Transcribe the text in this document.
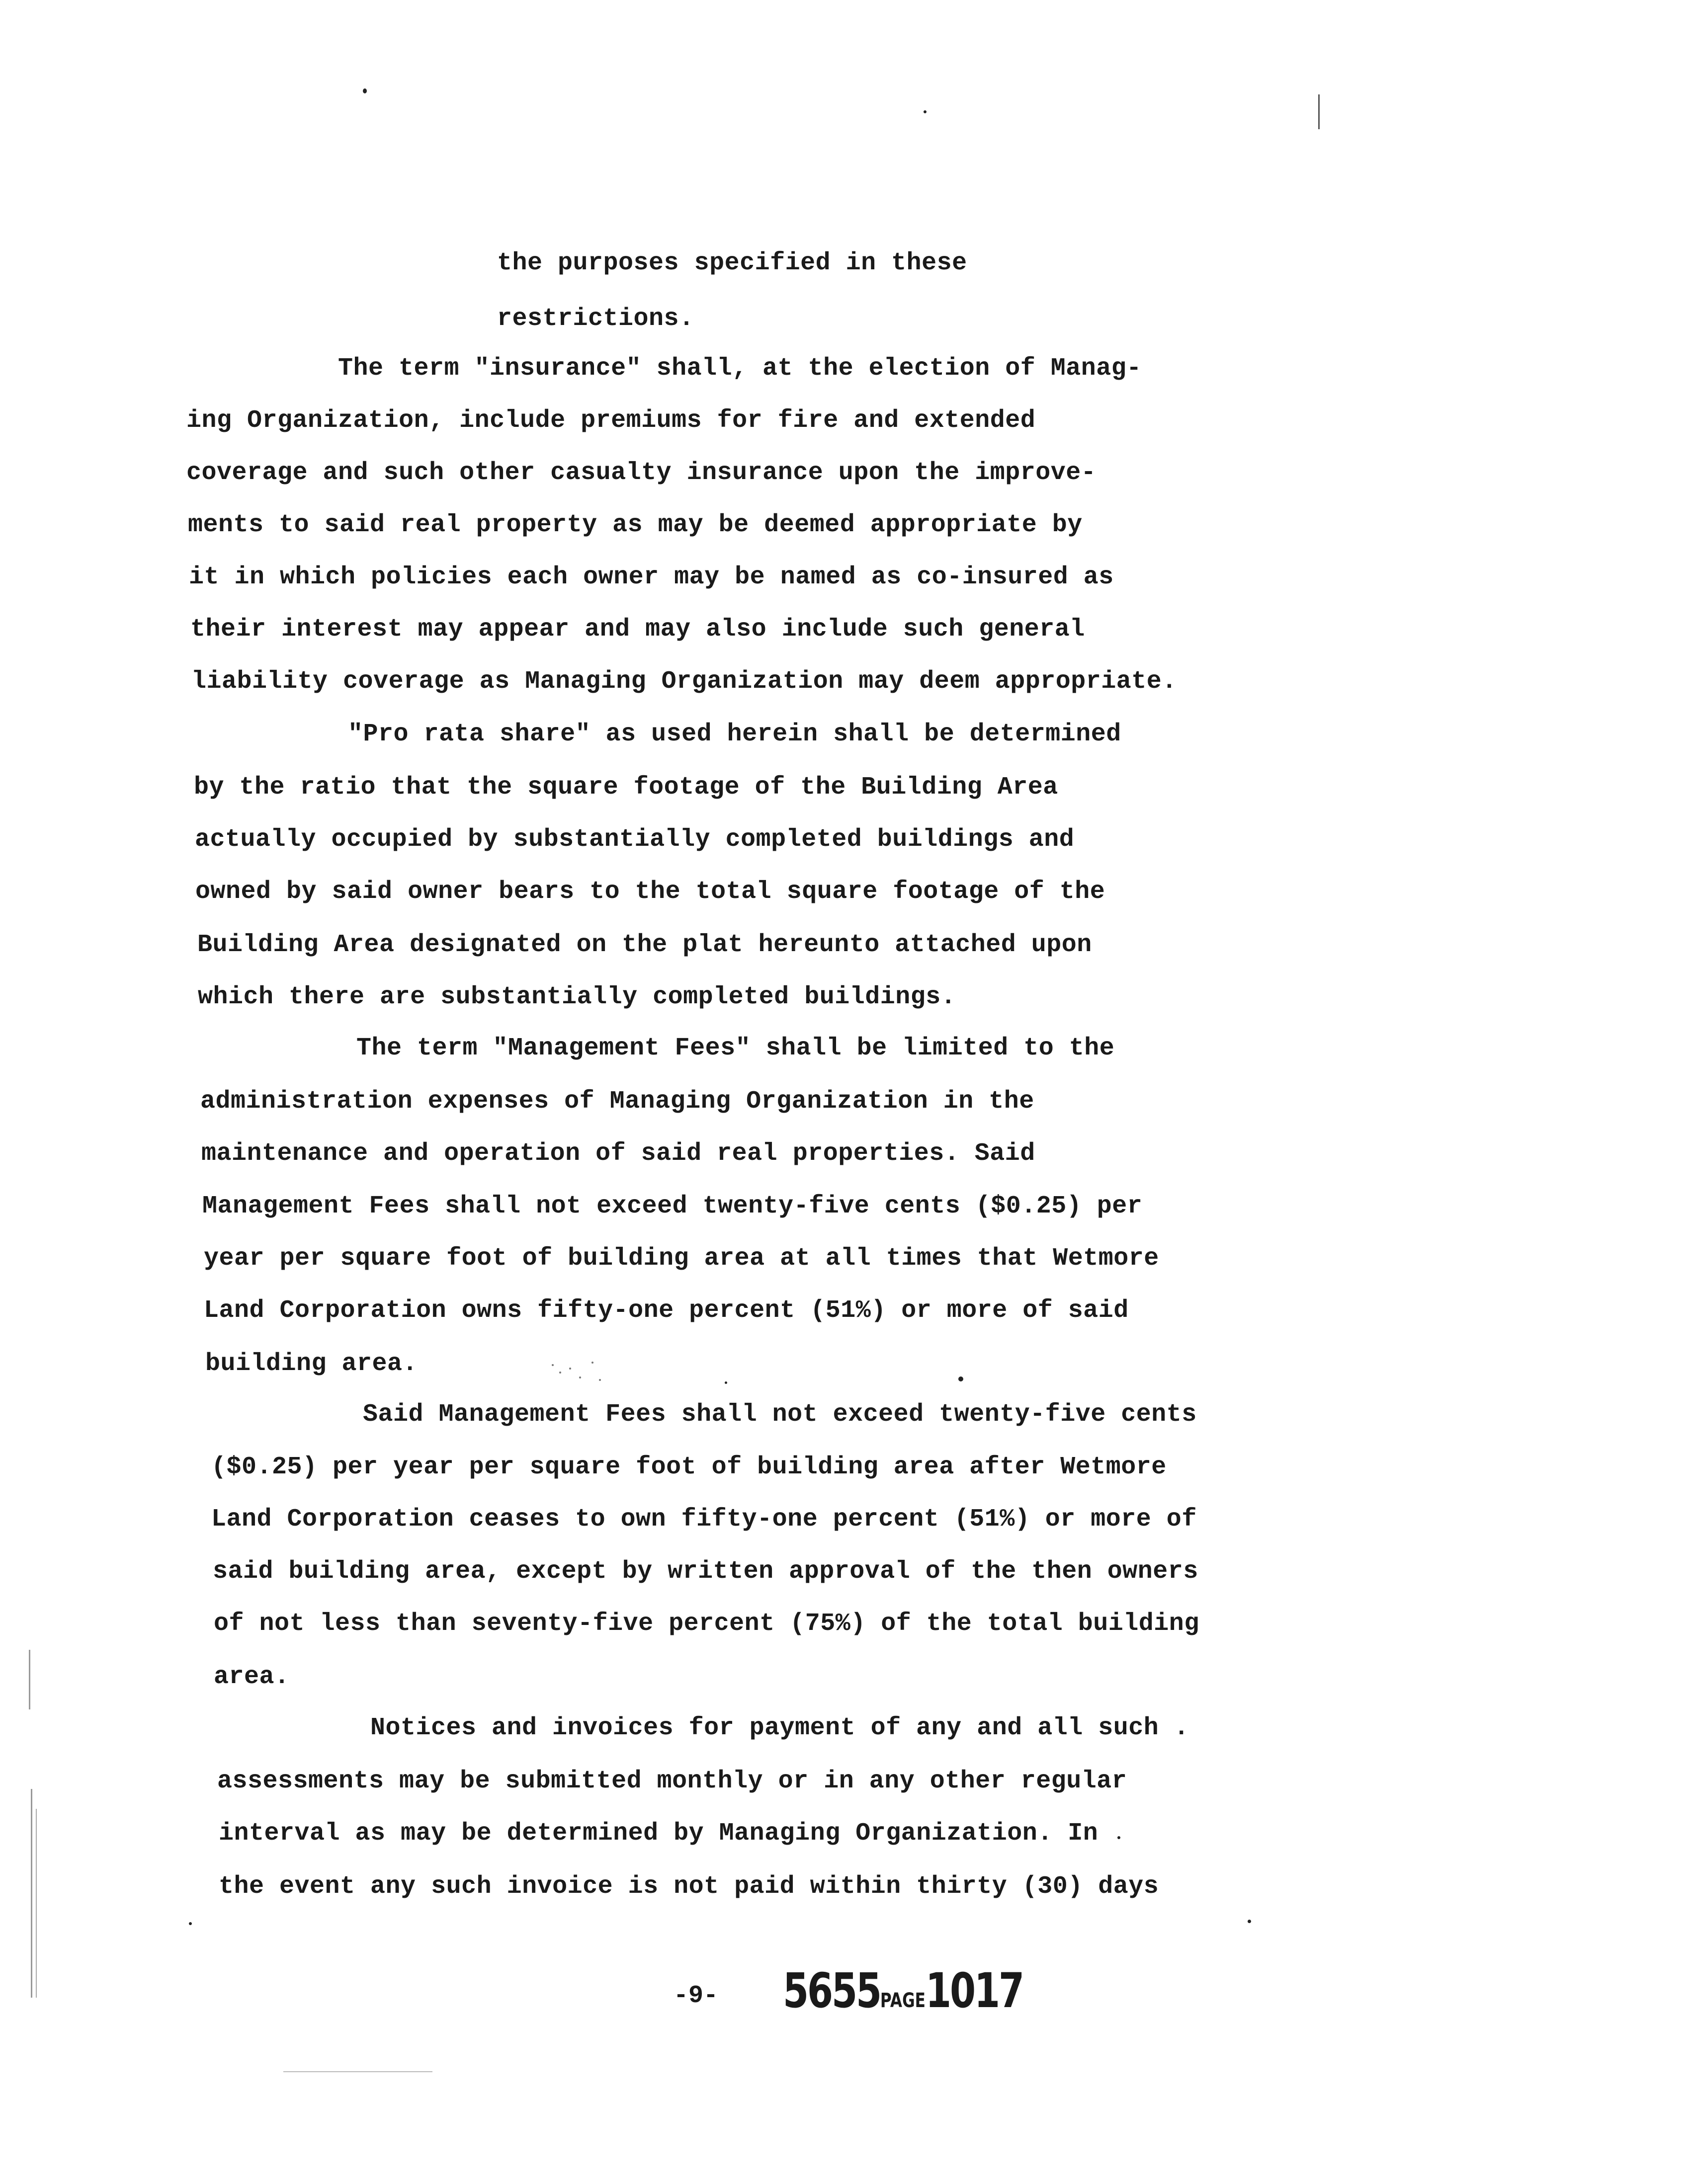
the purposes specified in these
restrictions.
The term "insurance" shall, at the election of Manag-
ing Organization, include premiums for fire and extended
coverage and such other casualty insurance upon the improve-
ments to said real property as may be deemed appropriate by
it in which policies each owner may be named as co-insured as
their interest may appear and may also include such general
liability coverage as Managing Organization may deem appropriate.
"Pro rata share" as used herein shall be determined
by the ratio that the square footage of the Building Area
actually occupied by substantially completed buildings and
owned by said owner bears to the total square footage of the
Building Area designated on the plat hereunto attached upon
which there are substantially completed buildings.
The term "Management Fees" shall be limited to the
administration expenses of Managing Organization in the
maintenance and operation of said real properties. Said
Management Fees shall not exceed twenty-five cents ($0.25) per
year per square foot of building area at all times that Wetmore
Land Corporation owns fifty-one percent (51%) or more of said
building area.
Said Management Fees shall not exceed twenty-five cents
($0.25) per year per square foot of building area after Wetmore
Land Corporation ceases to own fifty-one percent (51%) or more of
said building area, except by written approval of the then owners
of not less than seventy-five percent (75%) of the total building
area.
Notices and invoices for payment of any and all such .
assessments may be submitted monthly or in any other regular
interval as may be determined by Managing Organization. In
the event any such invoice is not paid within thirty (30) days
-9- 5655PAGE1017
